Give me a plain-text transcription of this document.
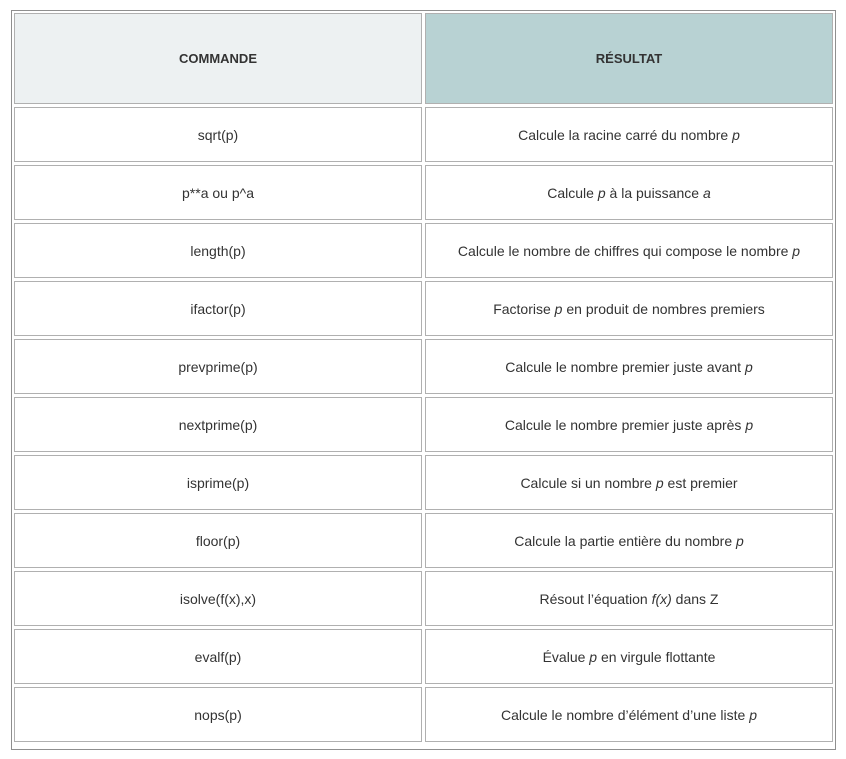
COMMANDE	RÉSULTAT
sqrt(p)	Calcule la racine carré du nombre p
p**a ou p^a	Calcule p à la puissance a
length(p)	Calcule le nombre de chiffres qui compose le nombre p
ifactor(p)	Factorise p en produit de nombres premiers
prevprime(p)	Calcule le nombre premier juste avant p
nextprime(p)	Calcule le nombre premier juste après p
isprime(p)	Calcule si un nombre p est premier
floor(p)	Calcule la partie entière du nombre p
isolve(f(x),x)	Résout l’équation f(x) dans Z
evalf(p)	Évalue p en virgule flottante
nops(p)	Calcule le nombre d’élément d’une liste p
